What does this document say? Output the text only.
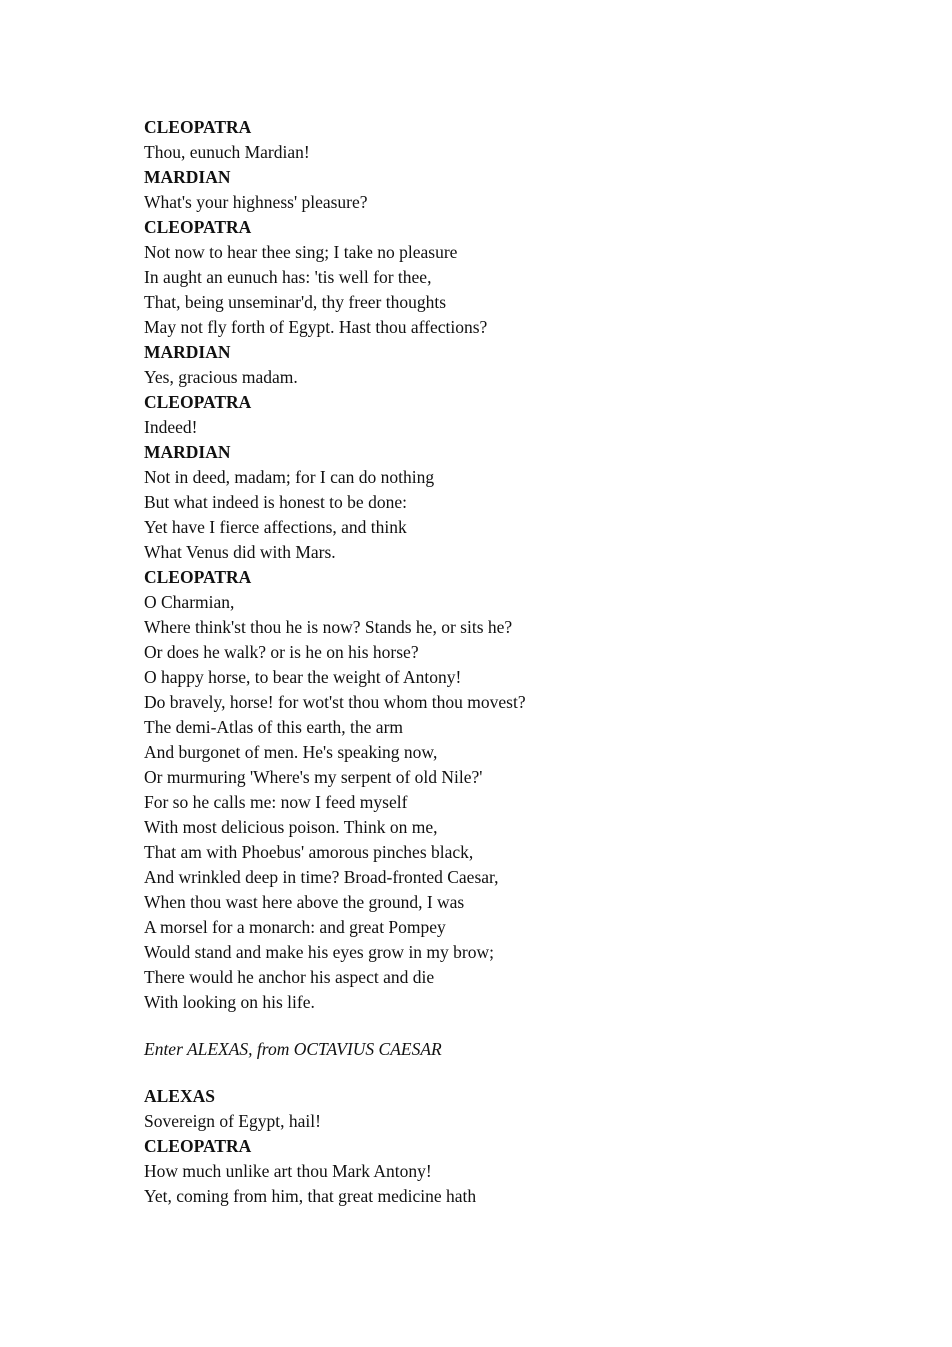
CLEOPATRA
Thou, eunuch Mardian!
MARDIAN
What's your highness' pleasure?
CLEOPATRA
Not now to hear thee sing; I take no pleasure
In aught an eunuch has: 'tis well for thee,
That, being unseminar'd, thy freer thoughts
May not fly forth of Egypt. Hast thou affections?
MARDIAN
Yes, gracious madam.
CLEOPATRA
Indeed!
MARDIAN
Not in deed, madam; for I can do nothing
But what indeed is honest to be done:
Yet have I fierce affections, and think
What Venus did with Mars.
CLEOPATRA
O Charmian,
Where think'st thou he is now? Stands he, or sits he?
Or does he walk? or is he on his horse?
O happy horse, to bear the weight of Antony!
Do bravely, horse! for wot'st thou whom thou movest?
The demi-Atlas of this earth, the arm
And burgonet of men. He's speaking now,
Or murmuring 'Where's my serpent of old Nile?'
For so he calls me: now I feed myself
With most delicious poison. Think on me,
That am with Phoebus' amorous pinches black,
And wrinkled deep in time? Broad-fronted Caesar,
When thou wast here above the ground, I was
A morsel for a monarch: and great Pompey
Would stand and make his eyes grow in my brow;
There would he anchor his aspect and die
With looking on his life.
Enter ALEXAS, from OCTAVIUS CAESAR
ALEXAS
Sovereign of Egypt, hail!
CLEOPATRA
How much unlike art thou Mark Antony!
Yet, coming from him, that great medicine hath
